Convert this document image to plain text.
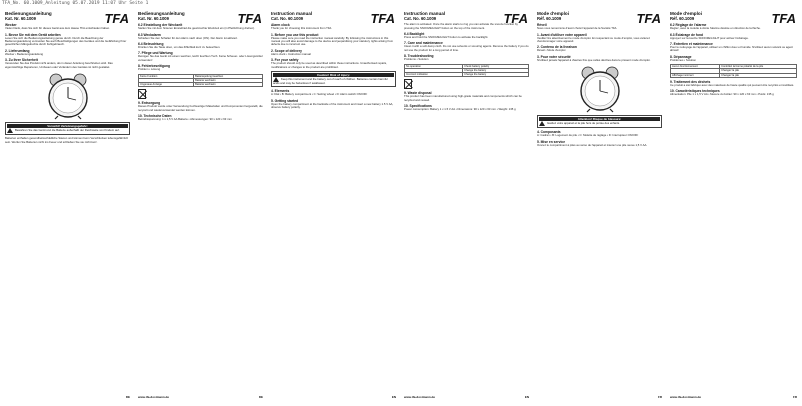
TFA_No. 60.1009_Anleitung 05.07.2019 11:07 Uhr Seite 1
TFA
Bedienungsanleitung
Kat. Nr. 60.1009
Wecker
Vielen Dank, dass Sie sich für dieses Gerät aus dem Hause TFA entschieden haben.
1. Bevor Sie mit dem Gerät arbeiten
Lesen Sie sich die Bedienungsanleitung genau durch. Durch die Beachtung der Bedienungsanleitung vermeiden Sie auch Beschädigungen des Gerätes und die Gefährdung Ihrer gesetzlichen Mängelrechte durch Fehlgebrauch.
2. Lieferumfang
Wecker • Bedienungsanleitung
3. Zu Ihrer Sicherheit
Verwenden Sie das Produkt nicht anders, als in dieser Anleitung beschrieben wird. Das eigenmächtige Reparieren, Umbauen oder Verändern des Gerätes ist nicht gestattet.
Vorsicht! Verletzungsgefahr:
Bewahren Sie das Gerät und die Batterie außerhalb der Reichweite von Kindern auf.
Batterien enthalten gesundheitsschädliche Säuren und können beim Verschlucken lebensgefährlich sein. Werfen Sie Batterien nicht ins Feuer und schließen Sie sie nicht kurz.
DE
TFA
Bedienungsanleitung
Kat. Nr. 60.1009
6.2 Einstellung der Weckzeit
Stellen Sie mit dem hinteren Einstellrad die gewünschte Weckzeit ein (in Pfeilrichtung drehen).
6.3 Weckalarm
Schieben Sie den Schalter für den Alarm nach oben (ON). Der Alarm ist aktiviert.
6.4 Beleuchtung
Drücken Sie die Taste oben, um das Zifferblatt kurz zu beleuchten.
7. Pflege und Wartung
Reinigen Sie das Gerät mit einem weichen, leicht feuchten Tuch. Keine Scheuer- oder Lösungsmittel verwenden!
8. Fehlerbeseitigung
Problem • Lösung
Keine Funktion	Batteriepolung beachten
	Batterie wechseln
Ungenaue Anzeige	Batterie wechseln
9. Entsorgung
Dieses Produkt wurde unter Verwendung hochwertiger Materialien und Komponenten hergestellt, die recycelt und wiederverwendet werden können.
10. Technische Daten
Betriebsspannung: 1 x 1,5 V AA Batterie • Abmessungen: 90 x 120 x 63 mm
www.tfa-dostmann.de	DE
TFA
Instruction manual
Cat. No. 60.1009
Alarm clock
Thank you for choosing this instrument from TFA.
1. Before you use this product
Please make sure you read the instruction manual carefully. By following the instructions in this manual you will also avoid damage to the device and jeopardising your statutory rights arising from defects due to incorrect use.
2. Scope of delivery
Alarm clock • Instruction manual
3. For your safety
The product should only be used as described within these instructions. Unauthorised repairs, modifications or changes to the product are prohibited.
Caution! Risk of injury:
Keep this instrument and the battery out of reach of children. Batteries contain harmful acids and may be hazardous if swallowed.
4. Elements
A: Dial • B: Battery compartment • C: Setting wheel • D: Alarm switch ON/OFF
5. Getting started
Open the battery compartment at the backside of the instrument and insert a new battery 1.5 V AA, observe battery polarity.
EN
TFA
Instruction manual
Cat. No. 60.1009
The alarm is activated. Once the alarm starts to ring you can activate the snooze function by pressing the SNOOZE/LIGHT button on the top of the instrument.
6.4 Backlight
Press and hold the SNOOZE/LIGHT button to activate the backlight.
7. Care and maintenance
Clean it with a soft damp cloth. Do not use solvents or scouring agents. Remove the battery if you do not use the product for a long period of time.
8. Troubleshooting
Problems • Solution
No operation	Check battery polarity
	Change the battery
Incorrect indication	Change the battery
9. Waste disposal
This product has been manufactured using high-grade materials and components which can be recycled and reused.
10. Specifications
Power consumption: Battery 1 x 1.5 V AA • Dimensions: 90 x 120 x 63 mm • Weight: 135 g
www.tfa-dostmann.de	EN
TFA
Mode d'emploi
Réf. 60.1009
Réveil
Nous vous remercions d'avoir choisi l'appareil de la Société TFA.
1. Avant d'utiliser votre appareil
Veuillez lire attentivement le mode d'emploi. En respectant ce mode d'emploi, vous éviterez d'endommager votre appareil.
2. Contenu de la livraison
Réveil • Mode d'emploi
3. Pour votre sécurité
N'utilisez jamais l'appareil à d'autres fins que celles décrites dans le présent mode d'emploi.
Attention! Risque de blessure:
Gardez votre appareil et la pile hors de portée des enfants.
4. Composants
A: Cadran • B: Logement de pile • C: Molette de réglage • D: Interrupteur ON/OFF
5. Mise en service
Ouvrez le compartiment à piles au verso de l'appareil et insérez une pile neuve 1,5 V AA.
FR
TFA
Mode d'emploi
Réf. 60.1009
6.2 Réglage de l'alarme
Réglez, avec la molette à droite l'alarme désirée en direction de la flèche.
6.3 Éclairage de fond
Appuyez sur la touche SNOOZE/LIGHT pour activer l'éclairage.
7. Entretien et maintenance
Pour le nettoyage de l'appareil, utilisez un chiffon doux et humide. N'utilisez aucun solvant ou agent abrasif.
8. Dépannage
Problèmes • Solution
Aucun fonctionnement	Contrôlez la bonne polarité de la pile
	Changez la pile
Affichage incorrect	Changez la pile
9. Traitement des déchets
Ce produit a été fabriqué avec des matériaux de haute qualité qui peuvent être recyclés et réutilisés.
10. Caractéristiques techniques
Alimentation: Pile 1 x 1,5 V AA • Mesure du boîtier: 90 x 120 x 63 mm • Poids: 135 g
www.tfa-dostmann.de	FR
